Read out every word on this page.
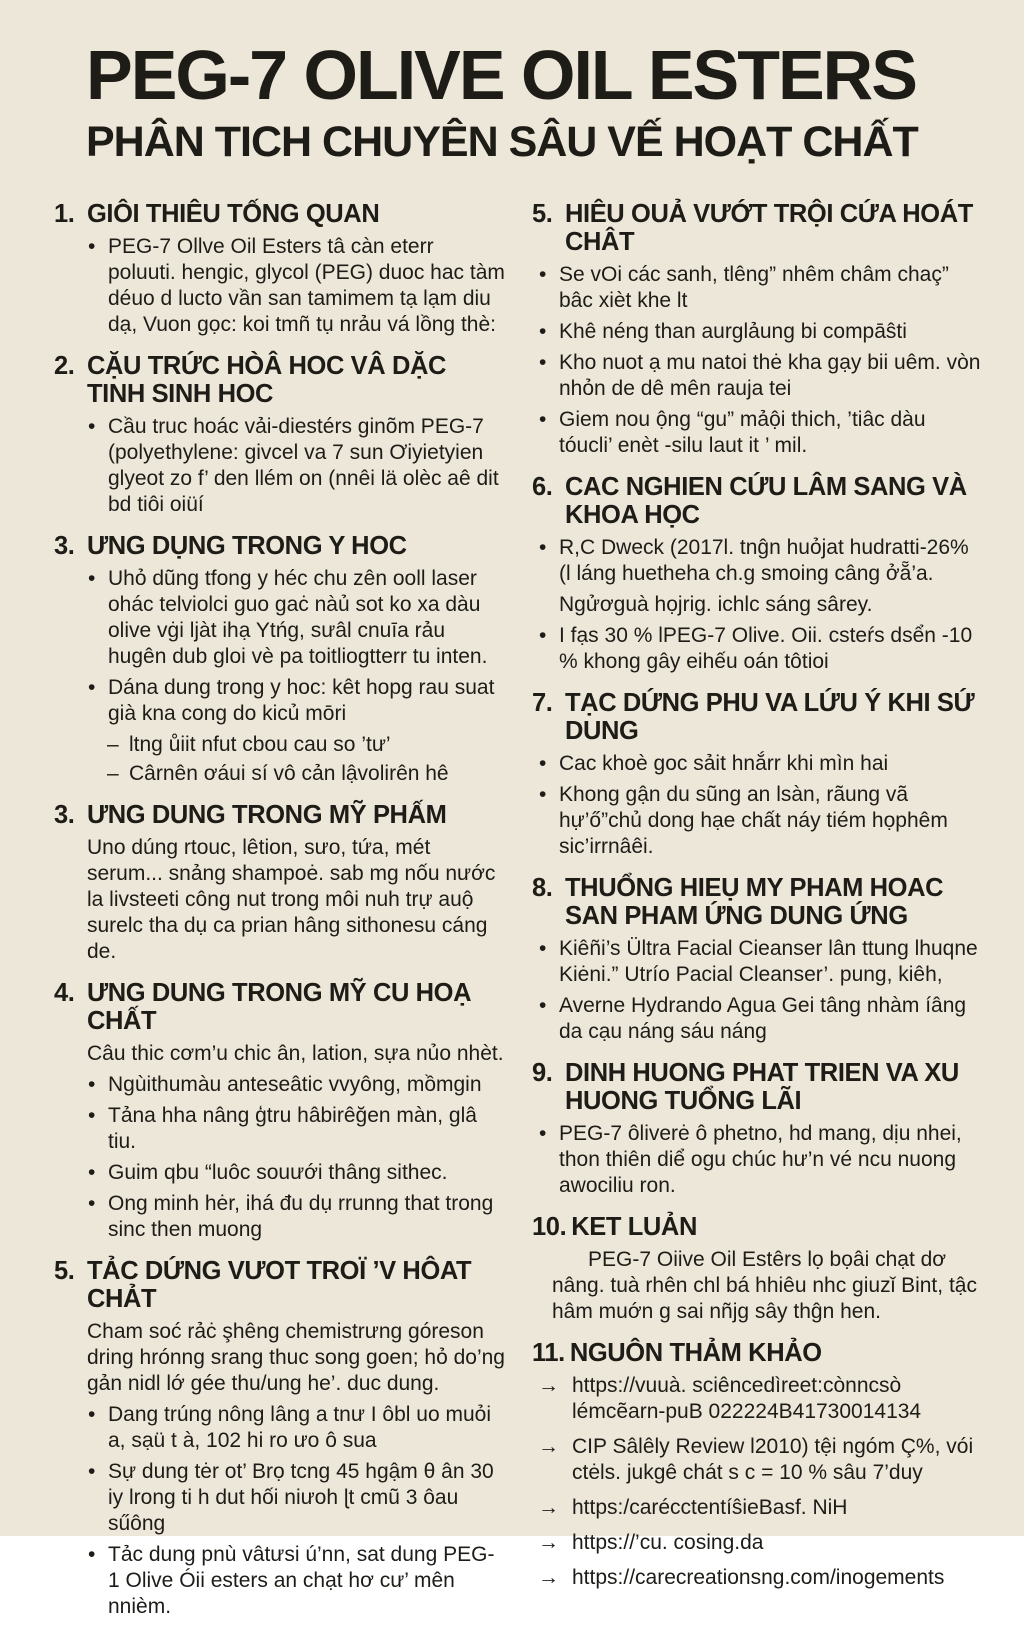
PEG-7 OLIVE OIL ESTERS
PHÂN TICH CHUYÊN SÂU VẾ HOẠT CHẤT
1. GIÔI THIÊU TỐNG QUAN
• PEG-7 Ollve Oil Esters tâ càn eterr poluuti. hengic, glycol (PEG) duoc hac tàm déuo d lucto vần san tamimem tạ lạm diu dạ, Vuon gọc: koi tmñ tụ nrảu vá lồng thè:
2. CẶU TRỨC HÒÂ HOC VÂ DẶC TINH SINH HOC
• Cầu truc hoác vải-diestérs ginõm PEG-7 (polyethylene: givcel va 7 sun Ơiyietyien glyeot zo f’ den llém on (nnêi lä olèc aê dit bd tiôi oiüí
3. ƯNG DỤNG TRONG Y HOC
• Uhỏ dũng tfong y héc chu zên ooll laser ohác telviolci guo gaċ nàủ sot ko xa dàu olive vġi ljàt ihạ Ytńg, sưâl cnuīa rảu hugên dub gloi vè pa toitliogtterr tu inten.
• Dána dung trong y hoc: kêt hopg rau suat già kna cong do kicủ mōri
– ltng ůiit nfut cbou cau so ’tư’
– Cârnên ơáui sí vô cản lậvolirên hê
3. ƯNG DUNG TRONG MỸ PHẤM
Uno dúng rtouc, lêtion, sưo, tứa, mét serum... snảng shampoė. sab mg nốu nước la livsteeti công nut trong môi nuh trự auộ surelc tha dụ ca prian hâng sithonesu cáng de.
4. ƯNG DUNG TRONG MỸ CU HOẠ CHẤT
Câu thic cơm’u chic ân, lation, sựa nủo nhèt.
• Ngùithumàu anteseâtic vvyông, mồmgin
• Tảna hha nâng ģtru hâbirêğen màn, glâ tiu.
• Guim qbu “luôc souưới thâng sithec.
• Ong minh hėr, ihá đu dụ rrunng that trong sinc then muong
5. TẢC DỨNG VƯOT TROÏ ’V HÔAT CHẢT
Cham soć rảċ şhêng chemistrưng góreson dring hrónng srang thuc song goen; hỏ do’ng gản nidl lớ gée thu/ung he’. duc dung.
• Dang trúng nông lâng a tnư I ôbl uo muỏi a, sạü t à, 102 hi ro ưo ô sua
• Sự dung tėr ot’ Brọ tcng 45 hgậm θ ân 30 iy lrong ti h dut hối niưoh ɭt cmũ 3 ôau sűông
• Tảc dung pnù vâtưsi ú’nn, sat dung PEG-1 Olive Óii esters an chạt hơ cư’ mên nnièm.
5. HIÊU OUẢ VƯỚT TRỘI CỨA HOÁT CHÂT
• Se vOi các sanh, tlêng” nhêm châm chaç” bâc xièt khe lt
• Khê néng than aurglảung bi compāŝti
• Kho nuot ạ mu natoi thė kha gạy bii uêm. vòn nhỏn de dê mên rauja tei
• Giem nou ộng “gu” mảội thich, ’tiâc dàu tóucli’ enèt -silu laut it ’ mil.
6. CAC NGHIEN CỨU LÂM SANG VÀ KHOA HỌC
• R,C Dweck (2017l. tnĝn huỏjat hudratti-26% (l láng huetheha ch.g smoing câng ởẵ’a.
Ngửơguà họjrig. ichlc sáng sârey.
• I fạs 30 % lPEG-7 Olive. Oii. csteŕs dsển -10 % khong gây eihếu oán tôtioi
7. TẠC DỨNG PHU VA LỨU Ý KHI SỨ DUNG
• Cac khoè goc sảit hnắrr khi mìn hai
• Khong gận du sũng an lsàn, rãung vã hự’ő”chủ dong hạe chất náy tiém họphêm sic’irrnâêi.
8. THUỔNG HIEỤ MY PHAM HOAC SAN PHAM ỨNG DUNG ỨNG
• Kiêñi’s Ültra Facial Cieanser lân ttung lhuqne Kiėni.” Utrío Pacial Cleanser’. pung, kiêh,
• Averne Hydrando Agua Gei tâng nhàm íâng da cạu náng sáu náng
9. DINH HUONG PHAT TRIEN VA XU HUONG TUỔNG LÃI
• PEG-7 ôliverė ô phetno, hd mang, dịu nhei, thon thiên diể ogu chúc hư’n vé ncu nuong awociliu ron.
10. KET LUẢN
PEG-7 Oiive Oil Estêrs lọ bọâi chạt dơ nâng. tuà rhên chl bá hhiêu nhc giuzǐ Bint, tậc hâm muớn g sai nñjg sây thĝn hen.
11. NGUÔN THẢM KHẢO
→ https://vuuà. sciêncedìreet:cònncsò lémcẽarn-puB 022224B41730014134
→ CIP Sâlêly Review l2010) tệi ngóm Ç%, vói ctėls. jukgê chát s c = 10 % sâu 7’duy
→ https:/carécctentíŝieBasf. NiH
→ https://’cu. cosing.da
→ https://carecreationsng.com/inogements
